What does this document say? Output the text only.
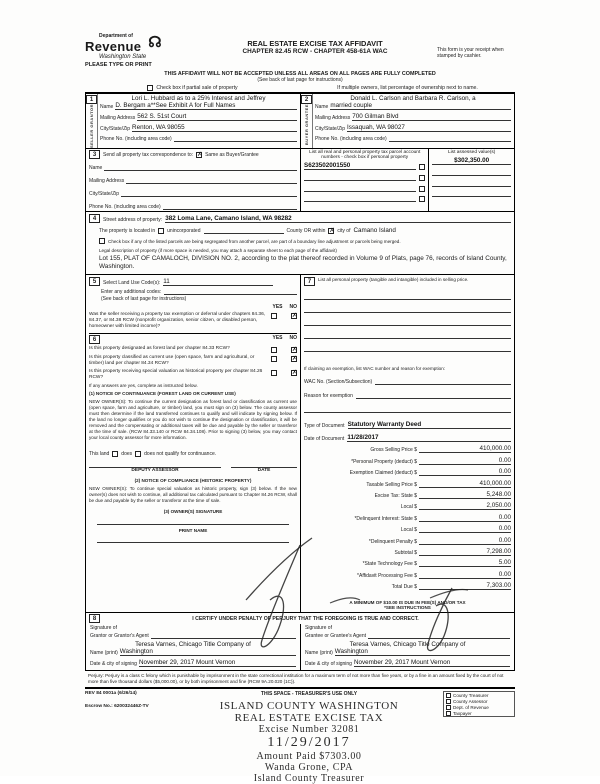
Department of
Revenue
Washington State
☊
PLEASE TYPE OR PRINT
REAL ESTATE EXCISE TAX AFFIDAVIT
CHAPTER 82.45 RCW - CHAPTER 458-61A WAC	This form is your receipt when stamped by cashier.
THIS AFFIDAVIT WILL NOT BE ACCEPTED UNLESS ALL AREAS ON ALL PAGES ARE FULLY COMPLETED
(See back of last page for instructions)
Check box if partial sale of property	If multiple owners, list percentage of ownership next to name.
1
SELLER GRANTOR
Lori L. Hubbard as to a 25% Interest and Jeffrey
Name D. Bergam a**See Exhibit A for Full Names
Mailing Address 562 S. 51st Court
City/State/Zip Renton, WA 98055
Phone No. (including area code)
2
BUYER GRANTEE
Donald L. Carlson and Barbara R. Carlson, a
Name married couple
Mailing Address 700 Gilman Blvd
City/State/Zip Issaquah, WA 98027
Phone No. (including area code)
3	Send all property tax correspondence to: ✗ Same as Buyer/Grantee
Name
Mailing Address
City/State/Zip
Phone No. (including area code)
List all real and personal property tax parcel account numbers - check box if personal property
S623502001550
List assessed value(s)
$302,350.00
4	Street address of property: 382 Loma Lane, Camano Island, WA 98282
The property is located in unincorporated	County OR within ✗ city of Camano Island
Check box if any of the listed parcels are being segregated from another parcel, are part of a boundary line adjustment or parcels being merged.
Legal description of property (if more space is needed, you may attach a separate sheet to each page of the affidavit)
Lot 155, PLAT OF CAMALOCH, DIVISION NO. 2, according to the plat thereof recorded in Volume 9 of Plats, page 76, records of Island County, Washington.
5	Select Land Use Code(s): 11
Enter any additional codes:
(See back of last page for instructions)
YES NO
Was the seller receiving a property tax exemption or deferral under chapters 84.36, 84.37, or 84.38 RCW (nonprofit organization, senior citizen, or disabled person, homeowner with limited income)?
✗
6	YES NO
Is this property designated as forest land per chapter 84.33 RCW?	✗
Is this property classified as current use (open space, farm and agricultural, or timber) land per chapter 84.34 RCW?
✗
Is this property receiving special valuation as historical property per chapter 84.26 RCW?
✗
If any answers are yes, complete as instructed below.
(1) NOTICE OF CONTINUANCE (FOREST LAND OR CURRENT USE)
NEW OWNER(S): To continue the current designation as forest land or classification as current use (open space, farm and agriculture, or timber) land, you must sign on (3) below. The county assessor must then determine if the land transferred continues to qualify and will indicate by signing below. If the land no longer qualifies or you do not wish to continue the designation or classification, it will be removed and the compensating or additional taxes will be due and payable by the seller or transferor at the time of sale. (RCW 84.33.140 or RCW 84.34.108). Prior to signing (3) below, you may contact your local county assessor for more information.
This land does does not qualify for continuance.
DEPUTY ASSESSOR	DATE
(2) NOTICE OF COMPLIANCE (HISTORIC PROPERTY)
NEW OWNER(S): To continue special valuation as historic property, sign (3) below. If the new owner(s) does not wish to continue, all additional tax calculated pursuant to Chapter 84.26 RCW, shall be due and payable by the seller or transferor at the time of sale.
(3) OWNER(S) SIGNATURE
PRINT NAME
7	List all personal property (tangible and intangible) included in selling price.
If claiming an exemption, list WAC number and reason for exemption:
WAC No. (Section/Subsection)
Reason for exemption
Type of Document Statutory Warranty Deed
Date of Document 11/28/2017
Gross Selling Price $	410,000.00
*Personal Property (deduct) $	0.00
Exemption Claimed (deduct) $	0.00
Taxable Selling Price $	410,000.00
Excise Tax: State $	5,248.00
Local $	2,050.00
*Delinquent Interest: State $	0.00
Local $	0.00
*Delinquent Penalty $	0.00
Subtotal $	7,298.00
*State Technology Fee $	5.00
*Affidavit Processing Fee $	0.00
Total Due $	7,303.00
A MINIMUM OF $10.00 IS DUE IN FEE(S) AND/OR TAX
*SEE INSTRUCTIONS
8	I CERTIFY UNDER PENALTY OF PERJURY THAT THE FOREGOING IS TRUE AND CORRECT.
Signature of
Grantor or Grantor's Agent
Teresa Varnes, Chicago Title Company of
Name (print) Washington
Date & city of signing November 29, 2017 Mount Vernon
Signature of
Grantee or Grantee's Agent
Teresa Varnes, Chicago Title Company of
Name (print) Washington
Date & city of signing November 29, 2017 Mount Vernon
Perjury: Perjury is a class C felony which is punishable by imprisonment in the state correctional institution for a maximum term of not more than five years, or by a fine in an amount fixed by the court of not more than five thousand dollars ($5,000.00), or by both imprisonment and fine (RCW 9A.20.020 (1C)).
REV 84 0001a (6/26/14)
Escrow No.: 620032446Z-TV
THIS SPACE - TREASURER'S USE ONLY
ISLAND COUNTY WASHINGTON
REAL ESTATE EXCISE TAX
Excise Number 32081
11/29/2017
Amount Paid $7303.00
Wanda Grone, CPA
Island County Treasurer
County Treasurer
County Assessor
Dept. of Revenue
Taxpayer
